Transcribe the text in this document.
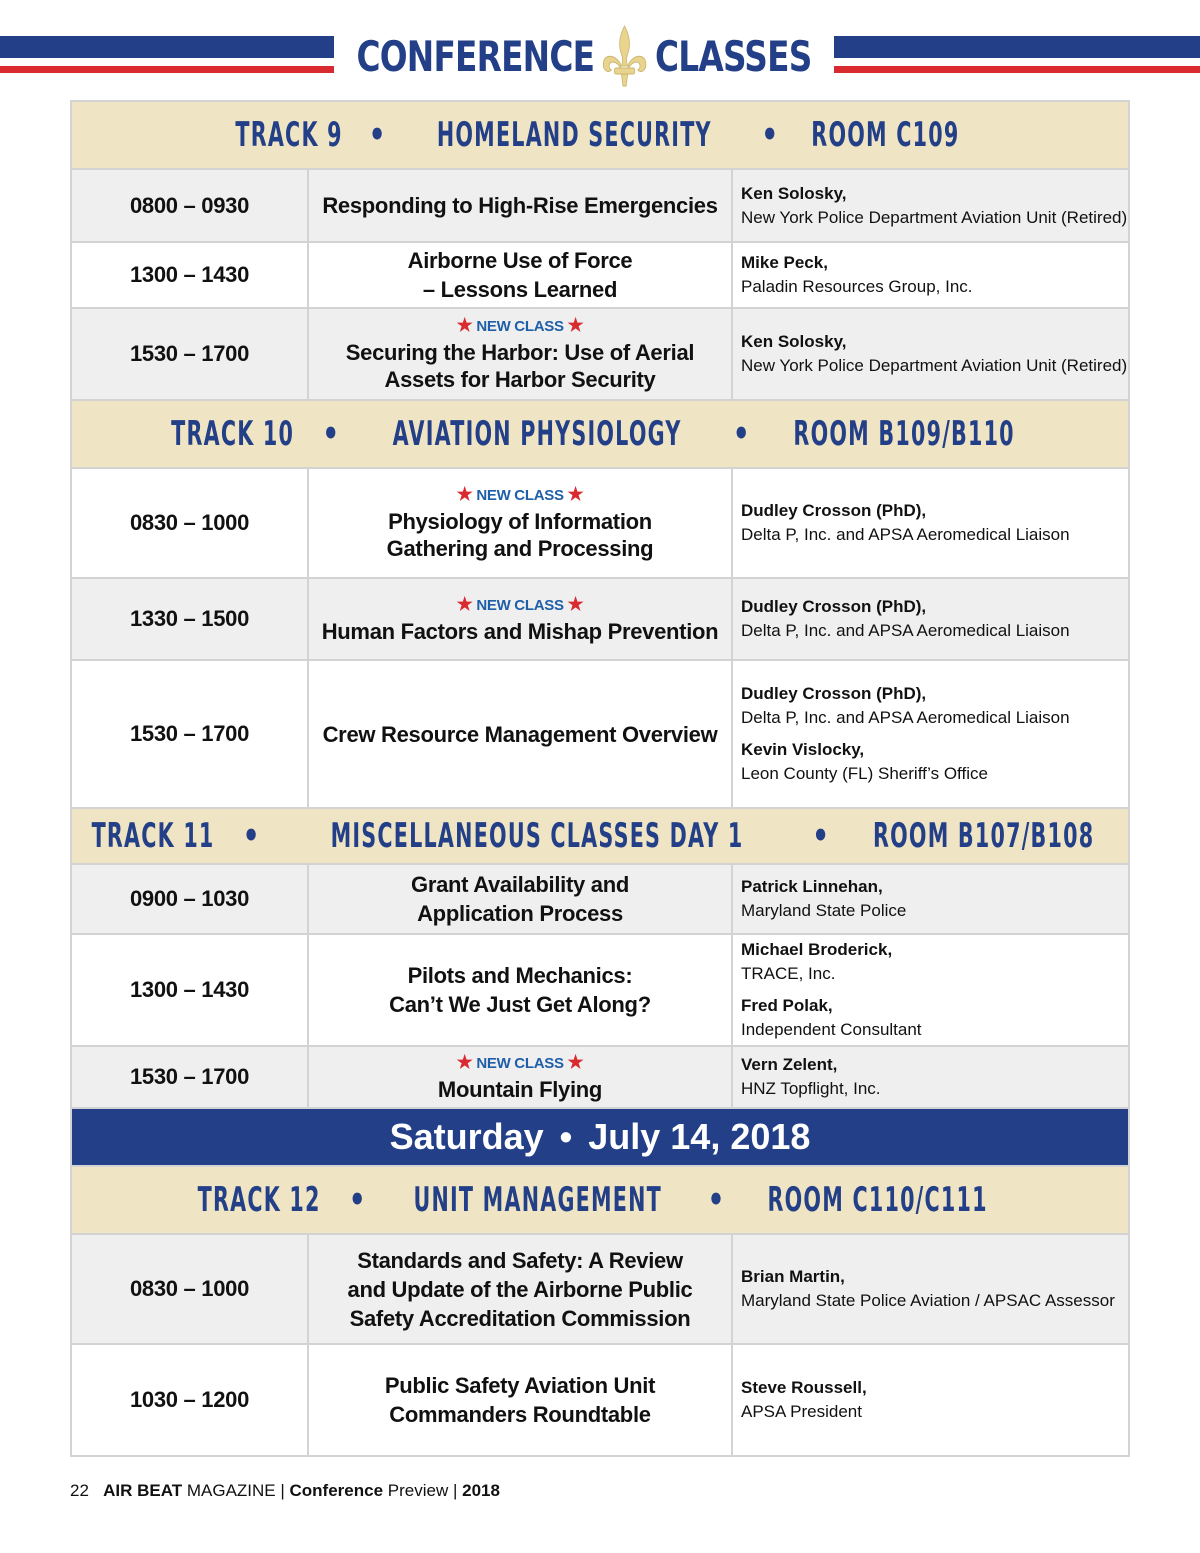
CONFERENCE CLASSES
TRACK 9 • HOMELAND SECURITY • ROOM C109
0800 – 0930	Responding to High-Rise Emergencies Ken Solosky,
New York Police Department Aviation Unit (Retired)
1300 – 1430
Airborne Use of Force
– Lessons Learned
Mike Peck,
Paladin Resources Group, Inc.
1530 – 1700
★ NEW CLASS ★
Securing the Harbor: Use of Aerial
Assets for Harbor Security
Ken Solosky,
New York Police Department Aviation Unit (Retired)
TRACK 10 • AVIATION PHYSIOLOGY • ROOM B109/B110
0830 – 1000
★ NEW CLASS ★
Physiology of Information
Gathering and Processing
Dudley Crosson (PhD),
Delta P, Inc. and APSA Aeromedical Liaison
1330 – 1500
★ NEW CLASS ★
Human Factors and Mishap Prevention
Dudley Crosson (PhD),
Delta P, Inc. and APSA Aeromedical Liaison
1530 – 1700	Crew Resource Management Overview
Dudley Crosson (PhD),
Delta P, Inc. and APSA Aeromedical Liaison
Kevin Vislocky,
Leon County (FL) Sheriff’s Office
TRACK 11 • MISCELLANEOUS CLASSES DAY 1 • ROOM B107/B108
0900 – 1030
Grant Availability and
Application Process
Patrick Linnehan,
Maryland State Police
1300 – 1430
Pilots and Mechanics:
Can’t We Just Get Along?
Michael Broderick,
TRACE, Inc.
Fred Polak,
Independent Consultant
1530 – 1700
★ NEW CLASS ★
Mountain Flying
Vern Zelent,
HNZ Topflight, Inc.
Saturday • July 14, 2018
TRACK 12 • UNIT MANAGEMENT • ROOM C110/C111
0830 – 1000
Standards and Safety: A Review
and Update of the Airborne Public
Safety Accreditation Commission
Brian Martin,
Maryland State Police Aviation / APSAC Assessor
1030 – 1200
Public Safety Aviation Unit
Commanders Roundtable
Steve Roussell,
APSA President
22 AIR BEAT MAGAZINE | Conference Preview | 2018
